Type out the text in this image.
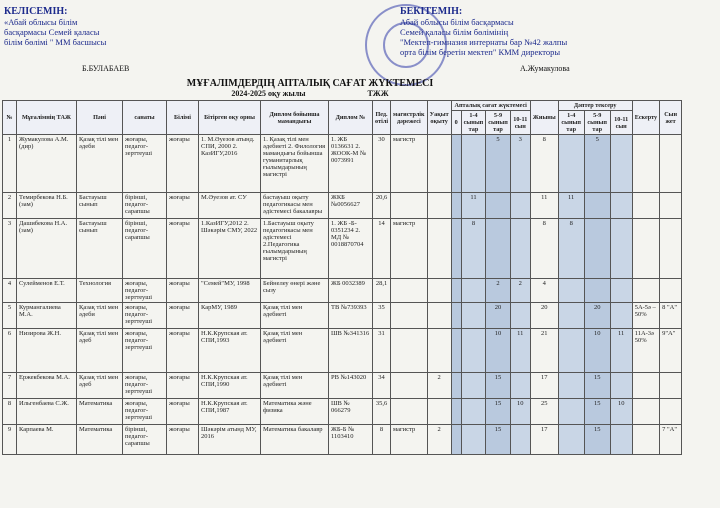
КЕЛІСЕМІН:
«Абай облысы білім
басқармасы Семей қаласы
білім бөлімі " ММ басшысы
Б.БУЛАБАЕВ
БЕКІТЕМІН:
Абай облысы білім басқармасы
Семей қаласы білім бөлімінің
"Мектеп-гимназия интернаты бар №42 жалпы
орта білім беретін мектеп" КММ директоры
А.Жумакулова
МҰҒАЛІМДЕРДІҢ АПТАЛЫҚ САҒАТ ЖҮКТЕМЕСІ
2024-2025 оқу жылы	ТЖЖ
№	Мұғалімнің ТАЖ	Пәні	санаты	Білімі	Бітірген оқу орны	Диплом бойынша мамандығы	Диплом №	Пед. өтілі	магистрлік дәрежесі	Уақыт оқыту	Апталық сағат жүктемесі				Жиыны	Дәптер тексеру			Ескерту	Сын жет
											0	1-4 сынып тар	5-9 сынып тар	10-11 сын		1-4 сынып тар	5-9 сынып тар	10-11 сын		
1	Жумакулова А.М. (дир)	Қазақ тілі мен әдеби	жоғары, педагог-зерттеуші	жоғары	1. М.Әуезов атынд. СПИ, 2000 2. КазИГУ,2016	1. Қазақ тілі мен әдебиеті 2. Филология мамандығы бойынша гуманитарлық ғылымдарының магистрі	1. ЖБ 0136631 2. ЖООК-М № 0073991	30	магистр				5	3	8		5			
2	Темирбекова Н.Б. (зам)	Бастауыш сынып	бірінші, педагог-сарапшы	жоғары	М.Әуезов ат. СУ	бастауыш оқыту педагогикасы мен әдістемесі бакалавры	ЖКБ №0056627	20,6				11			11	11				
3	Дашибекова Н.А. (зам)	Бастауыш сынып	бірінші, педагог-сарапшы	жоғары	1.КазИГУ,2012 2. Шәкәрім СМУ, 2022	1.Бастауыш оқыту педагогикасы мен әдістемесі 2.Педагогика ғылымдарының магистрі	1. ЖБ -Б- 0351234 2. МД № 0018870704	14	магистр			8			8	8				
4	Сулейменов Е.Т.	Технология	жоғары, педагог-зерттеуші	жоғары	"Семей"МУ, 1998	Бейнелеу өнері және сызу	ЖБ 0032389	28,1					2	2	4					
5	Курмангалиева М.А.	Қазақ тілі мен әдеби	жоғары, педагог-зерттеуші	жоғары	КарМУ, 1989	Қазақ тілі мен әдебиеті	ТВ №739393	35					20		20		20		5А-5ә – 50%	8 "А"
6	Низирова Ж.Н.	Қазақ тілі мен әдеб	жоғары, педагог-зерттеуші	жоғары	Н.К.Крупская ат. СПИ,1993	Қазақ тілі мен әдебиеті	ШВ №341316	31					10	11	21		10	11	11А-3ә 50%	9"А"
7	Ержекбекова М.А.	Қазақ тілі мен әдеб	жоғары, педагог-зерттеуші	жоғары	Н.К.Крупская ат. СПИ,1990	Қазақ тілі мен әдебиеті	РВ №143020	34		2			15		17		15			
8	Ильгенбаева С.Ж.	Математика	жоғары, педагог-зерттеуші	жоғары	Н.К.Крупская ат. СПИ,1987	Математика және физика	ШВ № 066279	35,6					15	10	25		15	10		
9	Карпаева М.	Математика	бірінші, педагог-сарапшы	жоғары	Шәкәрім атынд МУ, 2016	Математика бакалавр	ЖБ-Б № 1103410	8	магистр	2			15		17		15			7 "А"
